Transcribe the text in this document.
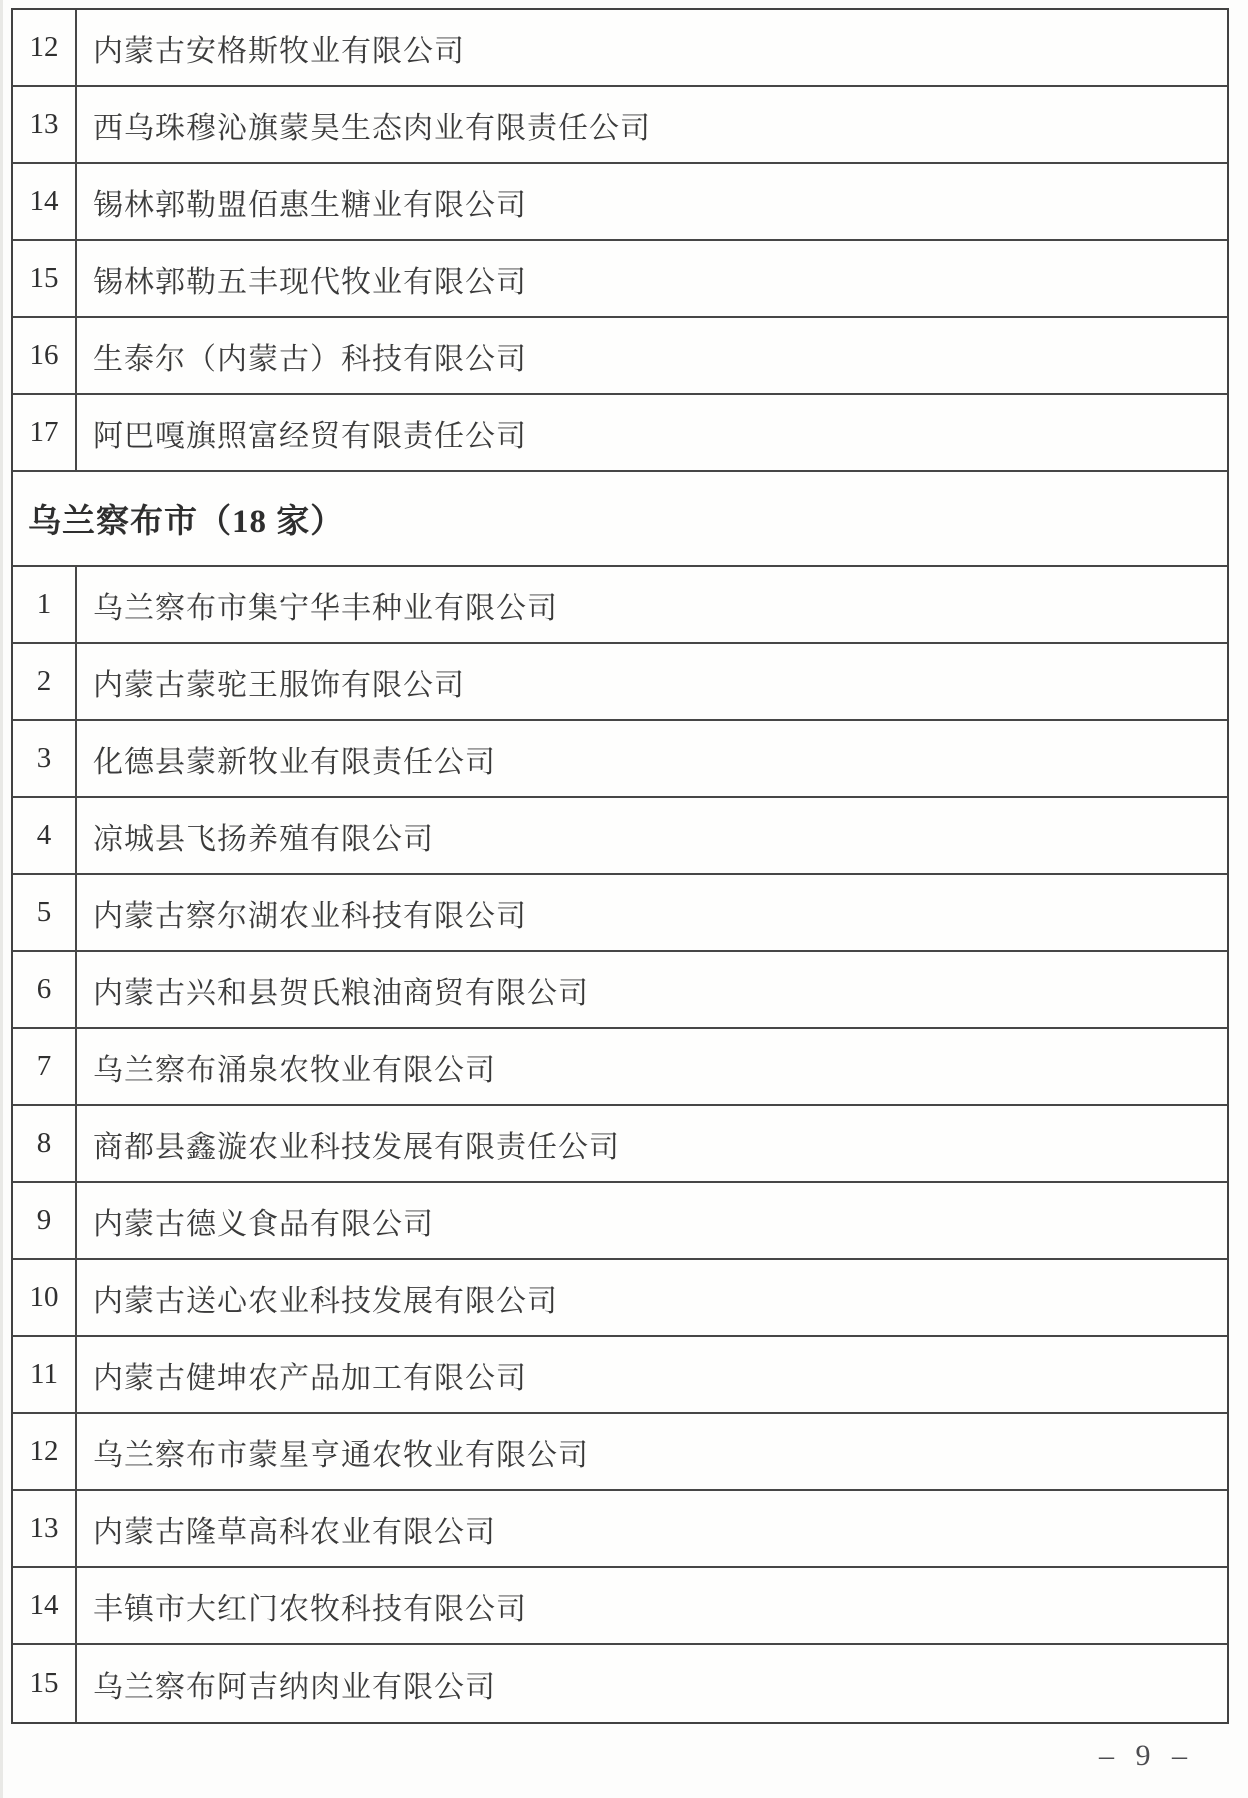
12	内蒙古安格斯牧业有限公司
13	西乌珠穆沁旗蒙昊生态肉业有限责任公司
14	锡林郭勒盟佰惠生糖业有限公司
15	锡林郭勒五丰现代牧业有限公司
16	生泰尔（内蒙古）科技有限公司
17	阿巴嘎旗照富经贸有限责任公司
乌兰察布市（18 家）
1	乌兰察布市集宁华丰种业有限公司
2	内蒙古蒙驼王服饰有限公司
3	化德县蒙新牧业有限责任公司
4	凉城县飞扬养殖有限公司
5	内蒙古察尔湖农业科技有限公司
6	内蒙古兴和县贺氏粮油商贸有限公司
7	乌兰察布涌泉农牧业有限公司
8	商都县鑫漩农业科技发展有限责任公司
9	内蒙古德义食品有限公司
10	内蒙古送心农业科技发展有限公司
11	内蒙古健坤农产品加工有限公司
12	乌兰察布市蒙星亨通农牧业有限公司
13	内蒙古隆草高科农业有限公司
14	丰镇市大红门农牧科技有限公司
15	乌兰察布阿吉纳肉业有限公司
– 9 –
